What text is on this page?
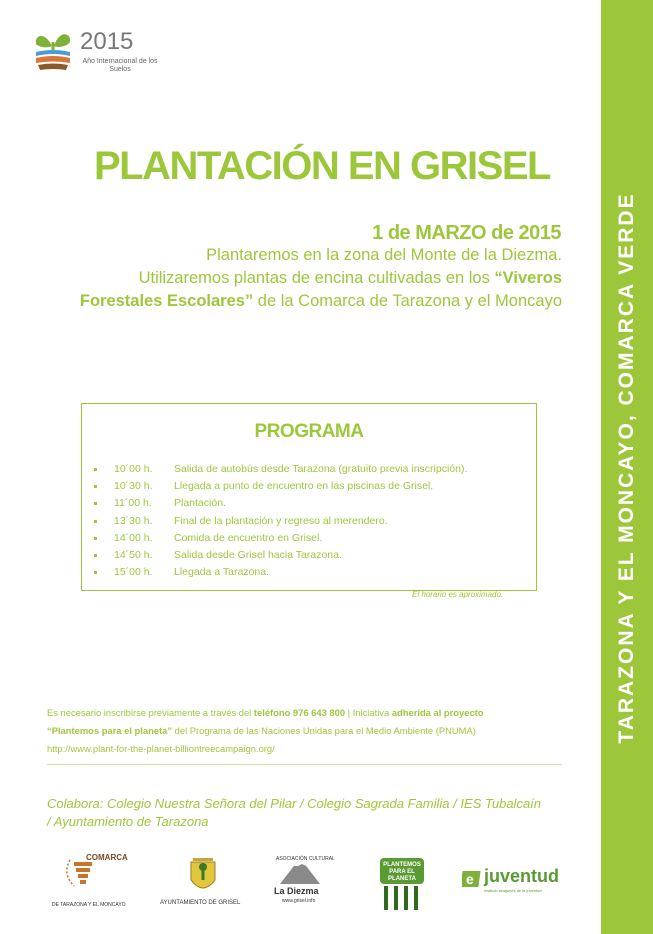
2015
Año Internacional de los Suelos
TARAZONA Y EL MONCAYO, COMARCA VERDE
PLANTACIÓN EN GRISEL
1 de MARZO de 2015
Plantaremos en la zona del Monte de la Diezma.
Utilizaremos plantas de encina cultivadas en los “Viveros Forestales Escolares” de la Comarca de Tarazona y el Moncayo
PROGRAMA
10´00 h. Salida de autobús desde Tarazona (gratuito previa inscripción).
10´30 h. Llegada a punto de encuentro en las piscinas de Grisel.
11´00 h. Plantación.
13´30 h. Final de la plantación y regreso al merendero.
14´00 h. Comida de encuentro en Grisel.
14´50 h. Salida desde Grisel hacia Tarazona.
15´00 h. Llegada a Tarazona.
El horario es aproximado.
Es necesario inscribirse previamente a través del teléfono 976 643 800 | Iniciativa adherida al proyecto
“Plantemos para el planeta” del Programa de las Naciones Unidas para el Medio Ambiente (PNUMA)
http://www.plant-for-the-planet-billiontreecampaign.org/
Colabora: Colegio Nuestra Señora del Pilar / Colegio Sagrada Familia / IES Tubalcaín / Ayuntamiento de Tarazona
COMARCA
DE TARAZONA Y EL MONCAYO	AYUNTAMIENTO DE GRISEL
ASOCIACIÓN CULTURAL
La Diezma
www.grisel.info
PLANTEMOS PARA EL PLANETA	e juventud
instituto aragonés de la juventud
